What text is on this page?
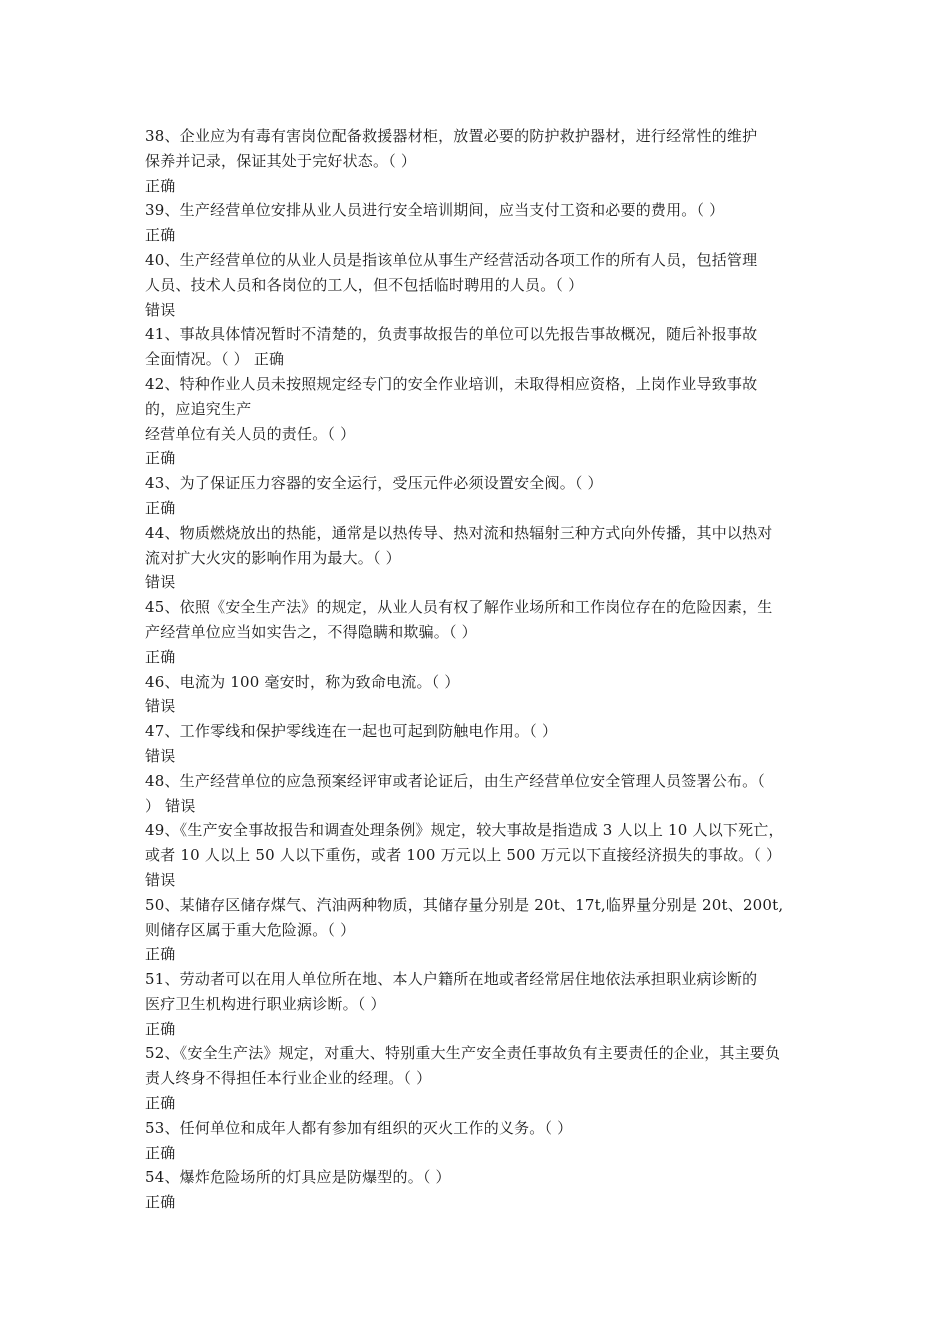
38、企业应为有毒有害岗位配备救援器材柜，放置必要的防护救护器材，进行经常性的维护
保养并记录，保证其处于完好状态。（ ）
正确
39、生产经营单位安排从业人员进行安全培训期间，应当支付工资和必要的费用。（ ）
正确
40、生产经营单位的从业人员是指该单位从事生产经营活动各项工作的所有人员，包括管理
人员、技术人员和各岗位的工人，但不包括临时聘用的人员。（ ）
错误
41、事故具体情况暂时不清楚的，负责事故报告的单位可以先报告事故概况，随后补报事故
全面情况。（ ） 正确
42、特种作业人员未按照规定经专门的安全作业培训，未取得相应资格，上岗作业导致事故
的，应追究生产
经营单位有关人员的责任。（ ）
正确
43、为了保证压力容器的安全运行，受压元件必须设置安全阀。（ ）
正确
44、物质燃烧放出的热能，通常是以热传导、热对流和热辐射三种方式向外传播，其中以热对
流对扩大火灾的影响作用为最大。（ ）
错误
45、依照《安全生产法》的规定，从业人员有权了解作业场所和工作岗位存在的危险因素，生
产经营单位应当如实告之，不得隐瞒和欺骗。（ ）
正确
46、电流为 100 毫安时，称为致命电流。（ ）
错误
47、工作零线和保护零线连在一起也可起到防触电作用。（ ）
错误
48、生产经营单位的应急预案经评审或者论证后，由生产经营单位安全管理人员签署公布。（
） 错误
49、《生产安全事故报告和调查处理条例》规定，较大事故是指造成 3 人以上 10 人以下死亡，
或者 10 人以上 50 人以下重伤，或者 100 万元以上 500 万元以下直接经济损失的事故。（ ）
错误
50、某储存区储存煤气、汽油两种物质，其储存量分别是 20t、17t,临界量分别是 20t、200t,
则储存区属于重大危险源。（ ）
正确
51、劳动者可以在用人单位所在地、本人户籍所在地或者经常居住地依法承担职业病诊断的
医疗卫生机构进行职业病诊断。（ ）
正确
52、《安全生产法》规定，对重大、特别重大生产安全责任事故负有主要责任的企业，其主要负
责人终身不得担任本行业企业的经理。（ ）
正确
53、任何单位和成年人都有参加有组织的灭火工作的义务。（ ）
正确
54、爆炸危险场所的灯具应是防爆型的。（ ）
正确
